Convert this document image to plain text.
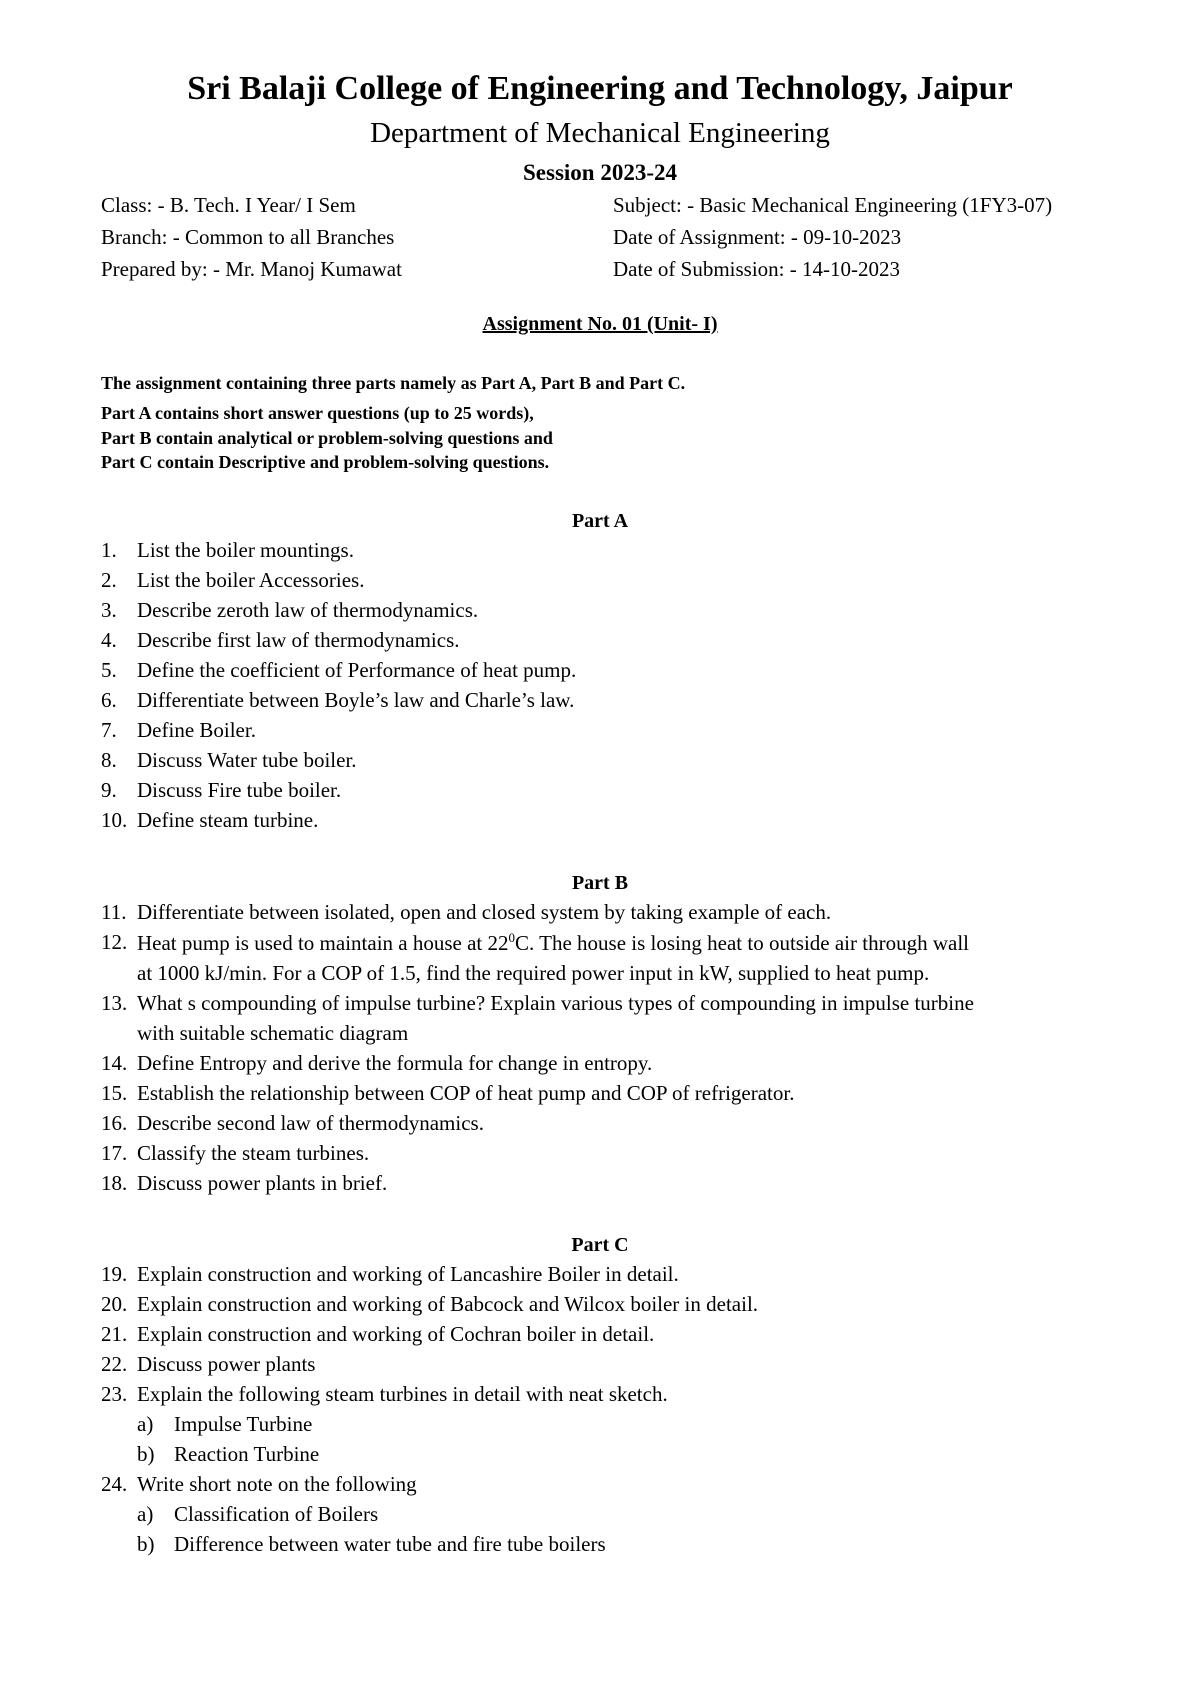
Sri Balaji College of Engineering and Technology, Jaipur
Department of Mechanical Engineering
Session 2023-24
Class: - B. Tech. I Year/ I Sem
Branch: - Common to all Branches
Prepared by: - Mr. Manoj Kumawat
Subject: - Basic Mechanical Engineering (1FY3-07)
Date of Assignment: - 09-10-2023
Date of Submission: - 14-10-2023
Assignment No. 01 (Unit- I)
The assignment containing three parts namely as Part A, Part B and Part C.
Part A contains short answer questions (up to 25 words),
Part B contain analytical or problem-solving questions and
Part C contain Descriptive and problem-solving questions.
Part A
1. List the boiler mountings.
2. List the boiler Accessories.
3. Describe zeroth law of thermodynamics.
4. Describe first law of thermodynamics.
5. Define the coefficient of Performance of heat pump.
6. Differentiate between Boyle’s law and Charle’s law.
7. Define Boiler.
8. Discuss Water tube boiler.
9. Discuss Fire tube boiler.
10. Define steam turbine.
Part B
11. Differentiate between isolated, open and closed system by taking example of each.
12. Heat pump is used to maintain a house at $22^0C$. The house is losing heat to outside air through wall
at 1000 kJ/min. For a COP of 1.5, find the required power input in kW, supplied to heat pump.
13. What s compounding of impulse turbine? Explain various types of compounding in impulse turbine
with suitable schematic diagram
14. Define Entropy and derive the formula for change in entropy.
15. Establish the relationship between COP of heat pump and COP of refrigerator.
16. Describe second law of thermodynamics.
17. Classify the steam turbines.
18. Discuss power plants in brief.
Part C
19. Explain construction and working of Lancashire Boiler in detail.
20. Explain construction and working of Babcock and Wilcox boiler in detail.
21. Explain construction and working of Cochran boiler in detail.
22. Discuss power plants
23. Explain the following steam turbines in detail with neat sketch.
a) Impulse Turbine
b) Reaction Turbine
24. Write short note on the following
a) Classification of Boilers
b) Difference between water tube and fire tube boilers
